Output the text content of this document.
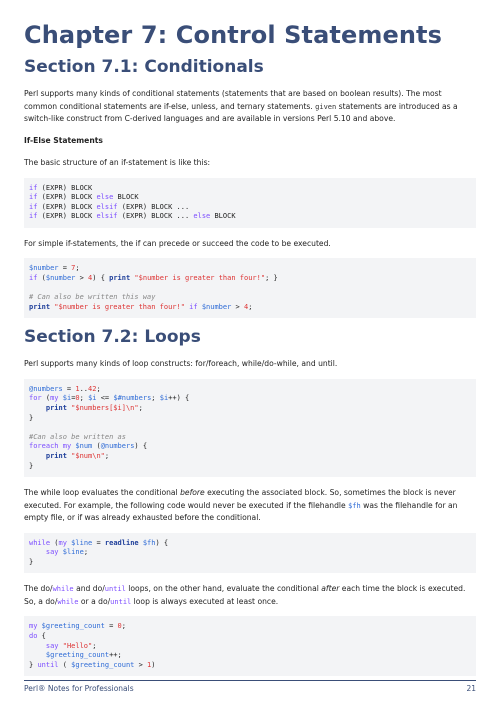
Chapter 7: Control Statements
Section 7.1: Conditionals

Perl supports many kinds of conditional statements (statements that are based on boolean results). The most common conditional statements are if-else, unless, and ternary statements. given statements are introduced as a switch-like construct from C-derived languages and are available in versions Perl 5.10 and above.

If-Else Statements

The basic structure of an if-statement is like this:

if (EXPR) BLOCK
if (EXPR) BLOCK else BLOCK
if (EXPR) BLOCK elsif (EXPR) BLOCK ...
if (EXPR) BLOCK elsif (EXPR) BLOCK ... else BLOCK

For simple if-statements, the if can precede or succeed the code to be executed.

$number = 7;
if ($number > 4) { print "$number is greater than four!"; }

# Can also be written this way
print "$number is greater than four!" if $number > 4;
Section 7.2: Loops

Perl supports many kinds of loop constructs: for/foreach, while/do-while, and until.

@numbers = 1..42;
for (my $i=0; $i <= $#numbers; $i++) {
print "$numbers[$i]\n";
}

#Can also be written as
foreach my $num (@numbers) {
print "$num\n";
}

The while loop evaluates the conditional before executing the associated block. So, sometimes the block is never executed. For example, the following code would never be executed if the filehandle $fh was the filehandle for an empty file, or if was already exhausted before the conditional.

while (my $line = readline $fh) {
say $line;
}

The do/while and do/until loops, on the other hand, evaluate the conditional after each time the block is executed. So, a do/while or a do/until loop is always executed at least once.

my $greeting_count = 0;
do {
say "Hello";
$greeting_count++;
} until ( $greeting_count > 1)
Perl® Notes for Professionals	21
